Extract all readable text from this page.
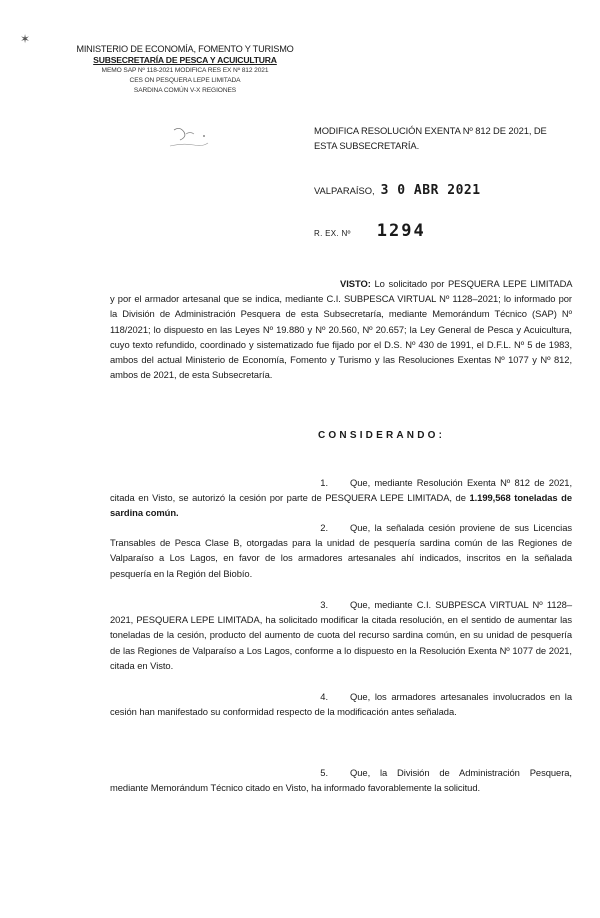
✶
MINISTERIO DE ECONOMÍA, FOMENTO Y TURISMO
SUBSECRETARÍA DE PESCA Y ACUICULTURA
MEMO SAP Nº 118-2021 MODIFICA RES EX Nº 812 2021
CES ON PESQUERA LEPE LIMITADA
SARDINA COMÚN V-X REGIONES
MODIFICA RESOLUCIÓN EXENTA Nº 812 DE 2021, DE
ESTA SUBSECRETARÍA.
VALPARAÍSO, 3 0 ABR 2021
R. EX. Nº 1294
VISTO: Lo solicitado por PESQUERA LEPE LIMITADA y por el armador artesanal que se indica, mediante C.I. SUBPESCA VIRTUAL Nº 1128–2021; lo informado por la División de Administración Pesquera de esta Subsecretaría, mediante Memorándum Técnico (SAP) Nº 118/2021; lo dispuesto en las Leyes Nº 19.880 y Nº 20.560, Nº 20.657; la Ley General de Pesca y Acuicultura, cuyo texto refundido, coordinado y sistematizado fue fijado por el D.S. Nº 430 de 1991, el D.F.L. Nº 5 de 1983, ambos del actual Ministerio de Economía, Fomento y Turismo y las Resoluciones Exentas Nº 1077 y Nº 812, ambos de 2021, de esta Subsecretaría.
CONSIDERANDO:
1. Que, mediante Resolución Exenta Nº 812 de 2021, citada en Visto, se autorizó la cesión por parte de PESQUERA LEPE LIMITADA, de 1.199,568 toneladas de sardina común.
2. Que, la señalada cesión proviene de sus Licencias Transables de Pesca Clase B, otorgadas para la unidad de pesquería sardina común de las Regiones de Valparaíso a Los Lagos, en favor de los armadores artesanales ahí indicados, inscritos en la señalada pesquería en la Región del Biobío.
3. Que, mediante C.I. SUBPESCA VIRTUAL Nº 1128–2021, PESQUERA LEPE LIMITADA, ha solicitado modificar la citada resolución, en el sentido de aumentar las toneladas de la cesión, producto del aumento de cuota del recurso sardina común, en su unidad de pesquería de las Regiones de Valparaíso a Los Lagos, conforme a lo dispuesto en la Resolución Exenta Nº 1077 de 2021, citada en Visto.
4. Que, los armadores artesanales involucrados en la cesión han manifestado su conformidad respecto de la modificación antes señalada.
5. Que, la División de Administración Pesquera, mediante Memorándum Técnico citado en Visto, ha informado favorablemente la solicitud.
